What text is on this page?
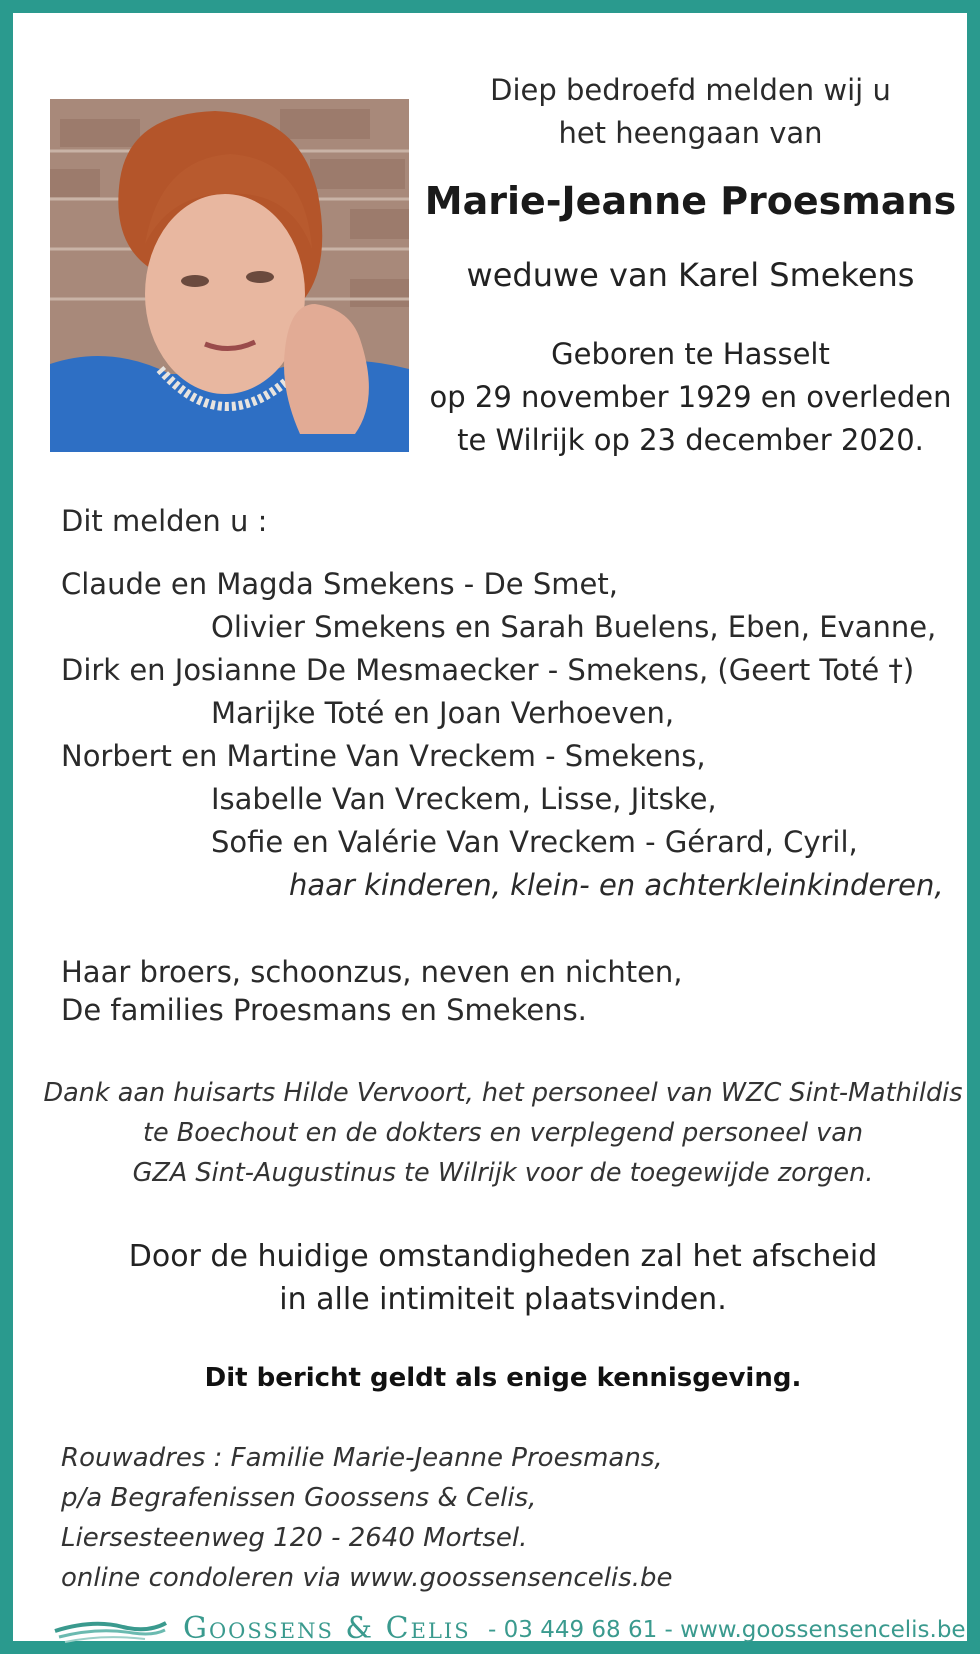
Diep bedroefd melden wij u
het heengaan van
Marie-Jeanne Proesmans
weduwe van Karel Smekens
Geboren te Hasselt
op 29 november 1929 en overleden
te Wilrijk op 23 december 2020.
Dit melden u :
Claude en Magda Smekens - De Smet,
Olivier Smekens en Sarah Buelens, Eben, Evanne,
Dirk en Josianne De Mesmaecker - Smekens, (Geert Toté †)
Marijke Toté en Joan Verhoeven,
Norbert en Martine Van Vreckem - Smekens,
Isabelle Van Vreckem, Lisse, Jitske,
Sofie en Valérie Van Vreckem - Gérard, Cyril,
haar kinderen, klein- en achterkleinkinderen,
Haar broers, schoonzus, neven en nichten,
De families Proesmans en Smekens.
Dank aan huisarts Hilde Vervoort, het personeel van WZC Sint-Mathildis
te Boechout en de dokters en verplegend personeel van
GZA Sint-Augustinus te Wilrijk voor de toegewijde zorgen.
Door de huidige omstandigheden zal het afscheid
in alle intimiteit plaatsvinden.
Dit bericht geldt als enige kennisgeving.
Rouwadres : Familie Marie-Jeanne Proesmans,
p/a Begrafenissen Goossens & Celis,
Liersesteenweg 120 - 2640 Mortsel.
online condoleren via www.goossensencelis.be
Goossens & Celis - 03 449 68 61 - www.goossensencelis.be
